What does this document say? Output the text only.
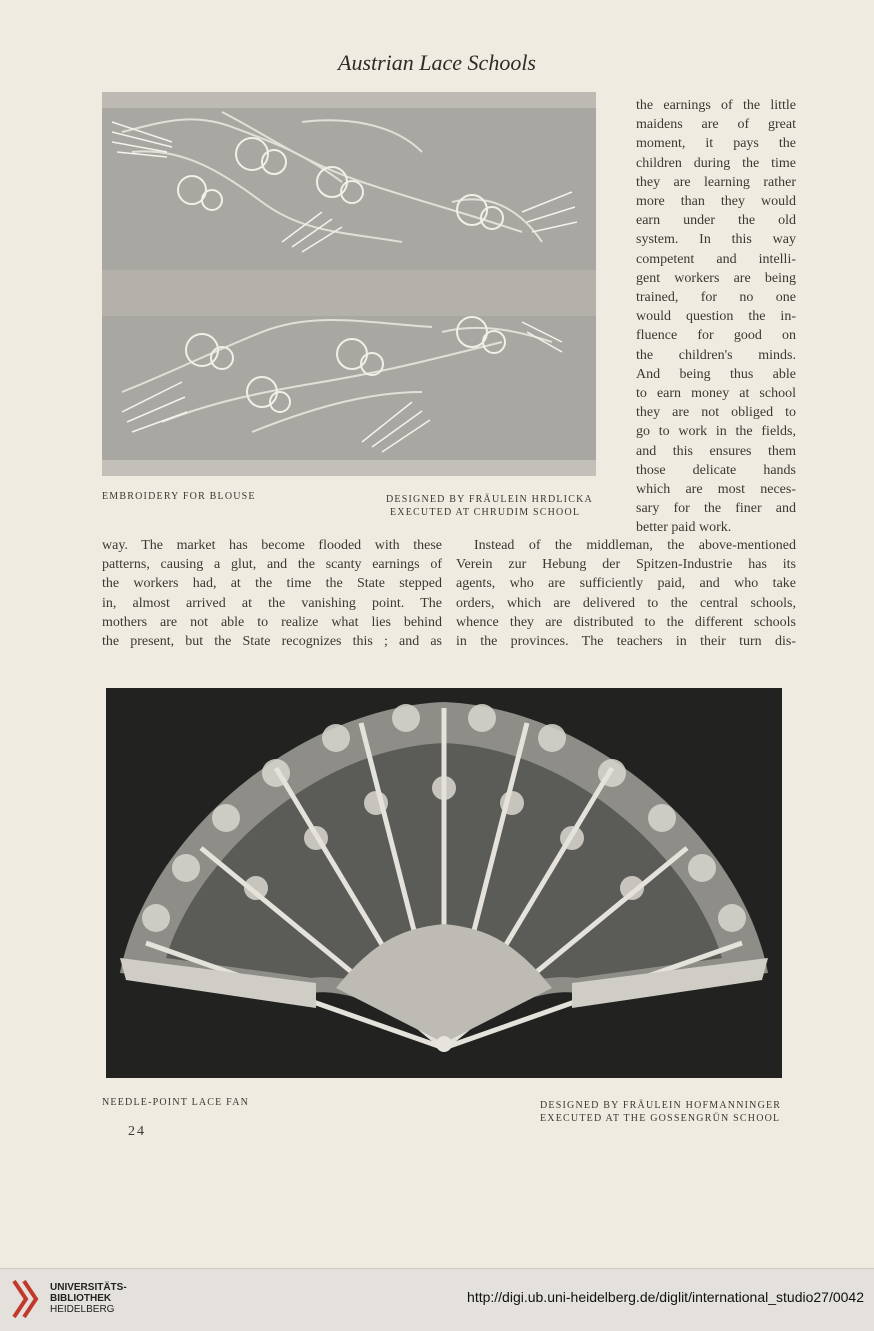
Austrian Lace Schools
EMBROIDERY FOR BLOUSE	DESIGNED BY FRÄULEIN HRDLICKA
EXECUTED AT CHRUDIM SCHOOL
the earnings of the little
maidens are of great
moment, it pays the
children during the time
they are learning rather
more than they would
earn under the old
system. In this way
competent and intelli-
gent workers are being
trained, for no one
would question the in-
fluence for good on
the children's minds.
And being thus able
to earn money at school
they are not obliged to
go to work in the fields,
and this ensures them
those delicate hands
which are most neces-
sary for the finer and
better paid work.
way. The market has become flooded with these
patterns, causing a glut, and the scanty earnings of
the workers had, at the time the State stepped
in, almost arrived at the vanishing point. The
mothers are not able to realize what lies behind
the present, but the State recognizes this ; and as
Instead of the middleman, the above-mentioned
Verein zur Hebung der Spitzen-Industrie has its
agents, who are sufficiently paid, and who take
orders, which are delivered to the central schools,
whence they are distributed to the different schools
in the provinces. The teachers in their turn dis-
NEEDLE-POINT LACE FAN	DESIGNED BY FRÄULEIN HOFMANNINGER
EXECUTED AT THE GOSSENGRÜN SCHOOL
24
UNIVERSITÄTS-
BIBLIOTHEK
HEIDELBERG
http://digi.ub.uni-heidelberg.de/diglit/international_studio27/0042
